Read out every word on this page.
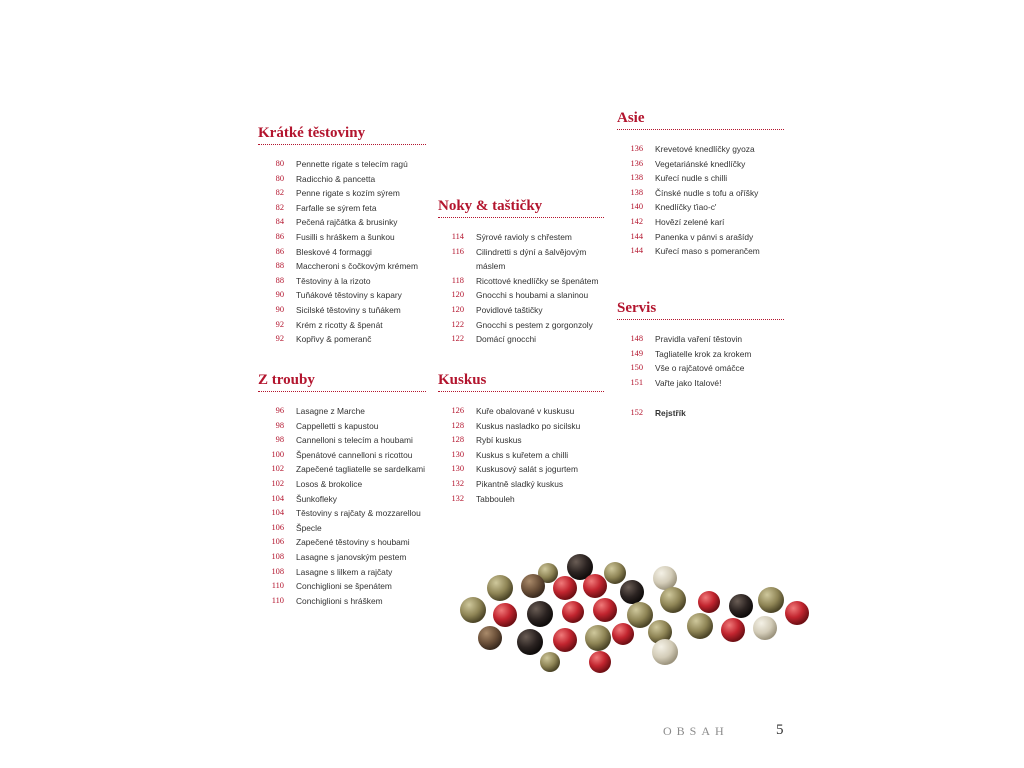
Krátké těstoviny
80 Pennette rigate s telecím ragú
80 Radicchio & pancetta
82 Penne rigate s kozím sýrem
82 Farfalle se sýrem feta
84 Pečená rajčátka & brusinky
86 Fusilli s hráškem a šunkou
86 Bleskové 4 formaggi
88 Maccheroni s čočkovým krémem
88 Těstoviny à la rizoto
90 Tuňákové těstoviny s kapary
90 Sicilské těstoviny s tuňákem
92 Krém z ricotty & špenát
92 Kopřivy & pomeranč
Z trouby
96 Lasagne z Marche
98 Cappelletti s kapustou
98 Cannelloni s telecím a houbami
100 Špenátové cannelloni s ricottou
102 Zapečené tagliatelle se sardelkami
102 Losos & brokolice
104 Šunkofleky
104 Těstoviny s rajčaty & mozzarellou
106 Špecle
106 Zapečené těstoviny s houbami
108 Lasagne s janovským pestem
108 Lasagne s lilkem a rajčaty
110 Conchiglioni se špenátem
110 Conchiglioni s hráškem
Noky & taštičky
114 Sýrové ravioly s chřestem
116 Cilindretti s dýní a šalvějovým máslem
118 Ricottové knedlíčky se špenátem
120 Gnocchi s houbami a slaninou
120 Povidlové taštičky
122 Gnocchi s pestem z gorgonzoly
122 Domácí gnocchi
Kuskus
126 Kuře obalované v kuskusu
128 Kuskus nasladko po sicilsku
128 Rybí kuskus
130 Kuskus s kuřetem a chilli
130 Kuskusový salát s jogurtem
132 Pikantně sladký kuskus
132 Tabbouleh
Asie
136 Krevetové knedlíčky gyoza
136 Vegetariánské knedlíčky
138 Kuřecí nudle s chilli
138 Čínské nudle s tofu a oříšky
140 Knedlíčky ťiao-c'
142 Hovězí zelené karí
144 Panenka v pánvi s arašídy
144 Kuřecí maso s pomerančem
Servis
148 Pravidla vaření těstovin
149 Tagliatelle krok za krokem
150 Vše o rajčatové omáčce
151 Vařte jako Italové!
152 Rejstřík
OBSAH	5
